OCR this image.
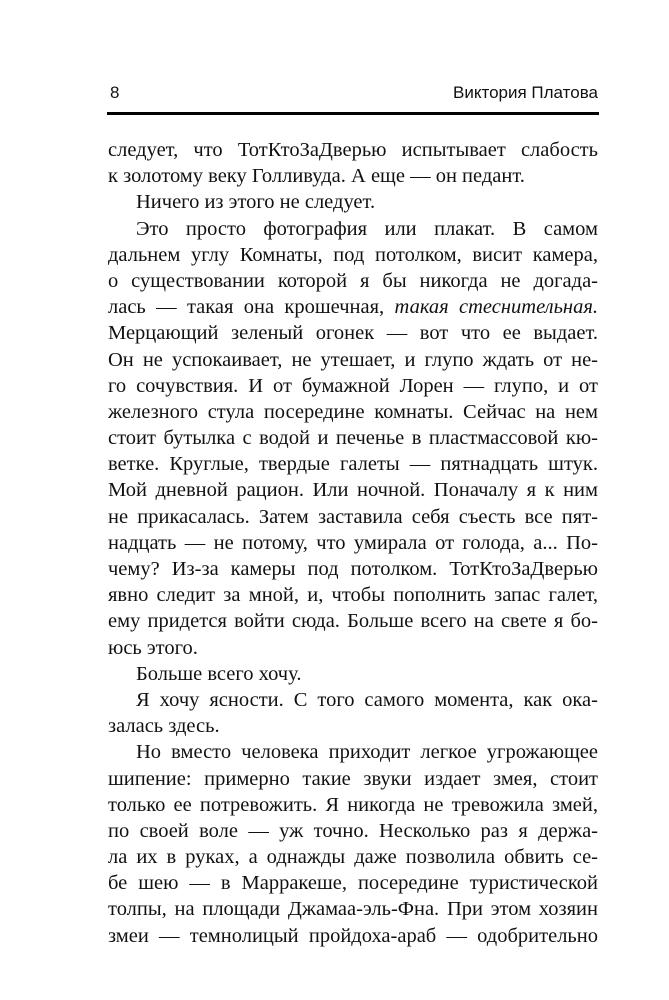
8	Виктория Платова
следует, что ТотКтоЗаДверью испытывает слабость
к золотому веку Голливуда. А еще — он педант.
Ничего из этого не следует.
Это просто фотография или плакат. В самом
дальнем углу Комнаты, под потолком, висит камера,
о существовании которой я бы никогда не догада-
лась — такая она крошечная, такая стеснительная.
Мерцающий зеленый огонек — вот что ее выдает.
Он не успокаивает, не утешает, и глупо ждать от не-
го сочувствия. И от бумажной Лорен — глупо, и от
железного стула посередине комнаты. Сейчас на нем
стоит бутылка с водой и печенье в пластмассовой кю-
ветке. Круглые, твердые галеты — пятнадцать штук.
Мой дневной рацион. Или ночной. Поначалу я к ним
не прикасалась. Затем заставила себя съесть все пят-
надцать — не потому, что умирала от голода, а... По-
чему? Из-за камеры под потолком. ТотКтоЗаДверью
явно следит за мной, и, чтобы пополнить запас галет,
ему придется войти сюда. Больше всего на свете я бо-
юсь этого.
Больше всего хочу.
Я хочу ясности. С того самого момента, как ока-
залась здесь.
Но вместо человека приходит легкое угрожающее
шипение: примерно такие звуки издает змея, стоит
только ее потревожить. Я никогда не тревожила змей,
по своей воле — уж точно. Несколько раз я держа-
ла их в руках, а однажды даже позволила обвить се-
бе шею — в Марракеше, посередине туристической
толпы, на площади Джамаа-эль-Фна. При этом хозяин
змеи — темнолицый пройдоха-араб — одобрительно
